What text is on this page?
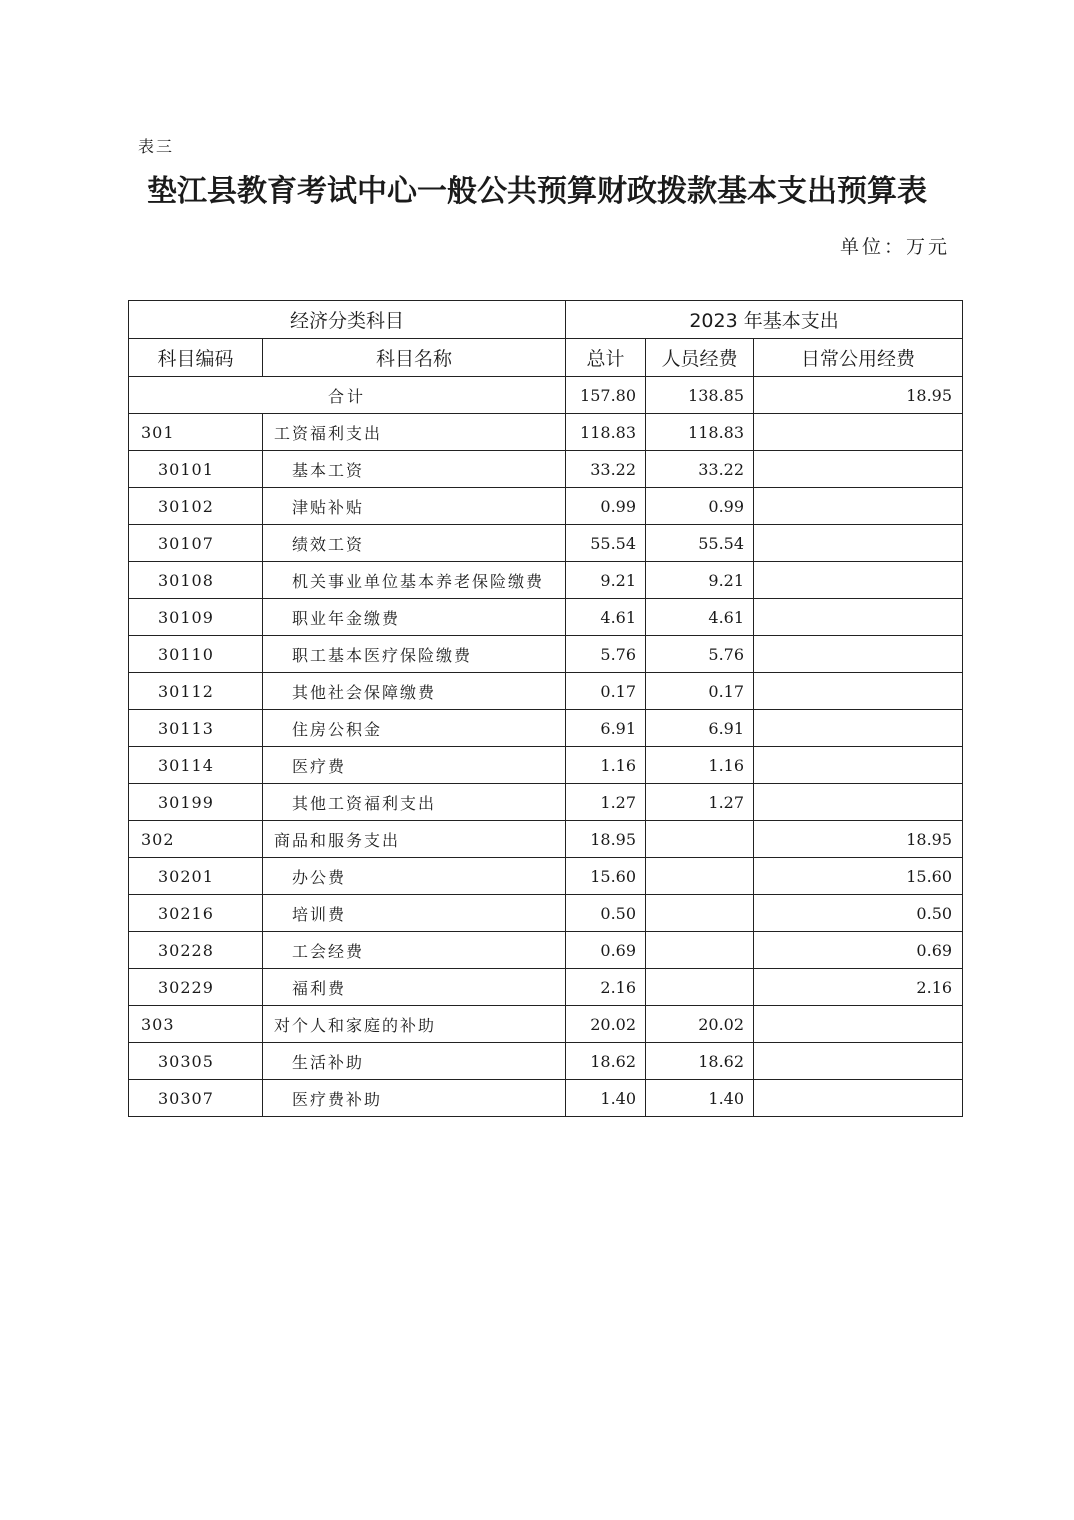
表三
垫江县教育考试中心一般公共预算财政拨款基本支出预算表
单位：万元
经济分类科目		2023 年基本支出		
科目编码	科目名称	总计	人员经费	日常公用经费
合计		157.80	138.85	18.95
301	工资福利支出	118.83	118.83	
30101	基本工资	33.22	33.22	
30102	津贴补贴	0.99	0.99	
30107	绩效工资	55.54	55.54	
30108	机关事业单位基本养老保险缴费	9.21	9.21	
30109	职业年金缴费	4.61	4.61	
30110	职工基本医疗保险缴费	5.76	5.76	
30112	其他社会保障缴费	0.17	0.17	
30113	住房公积金	6.91	6.91	
30114	医疗费	1.16	1.16	
30199	其他工资福利支出	1.27	1.27	
302	商品和服务支出	18.95		18.95
30201	办公费	15.60		15.60
30216	培训费	0.50		0.50
30228	工会经费	0.69		0.69
30229	福利费	2.16		2.16
303	对个人和家庭的补助	20.02	20.02	
30305	生活补助	18.62	18.62	
30307	医疗费补助	1.40	1.40	
